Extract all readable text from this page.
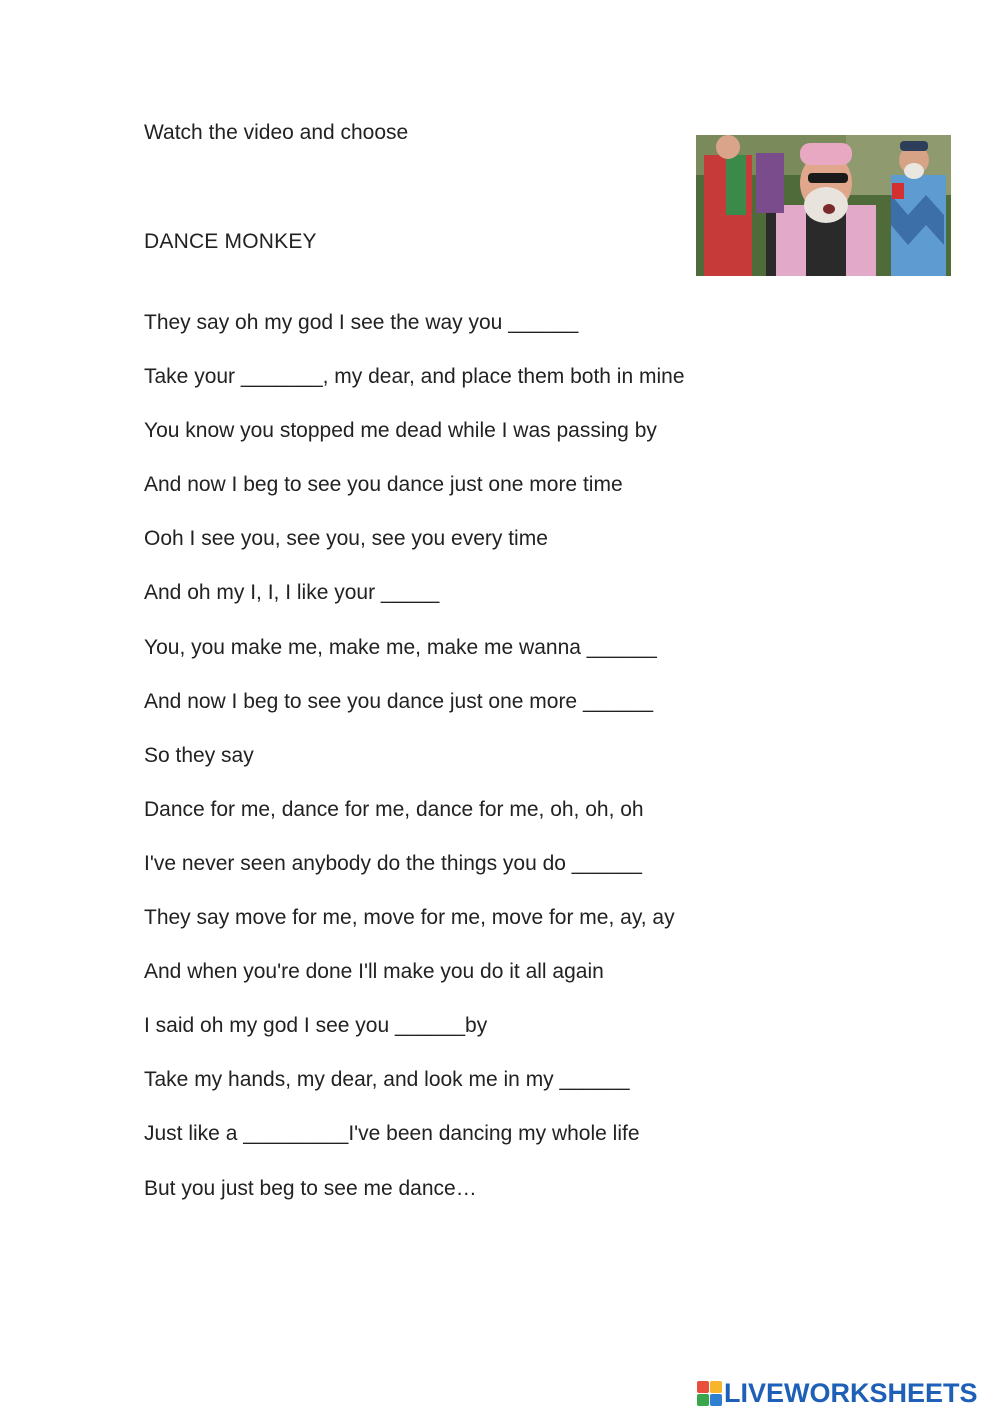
Watch the video and choose
DANCE MONKEY
They say oh my god I see the way you ______
Take your _______, my dear, and place them both in mine
You know you stopped me dead while I was passing by
And now I beg to see you dance just one more time
Ooh I see you, see you, see you every time
And oh my I, I, I like your _____
You, you make me, make me, make me wanna ______
And now I beg to see you dance just one more ______
So they say
Dance for me, dance for me, dance for me, oh, oh, oh
I've never seen anybody do the things you do ______
They say move for me, move for me, move for me, ay, ay
And when you're done I'll make you do it all again
I said oh my god I see you ______by
Take my hands, my dear, and look me in my ______
Just like a _________I've been dancing my whole life
But you just beg to see me dance…
LIVEWORKSHEETS
